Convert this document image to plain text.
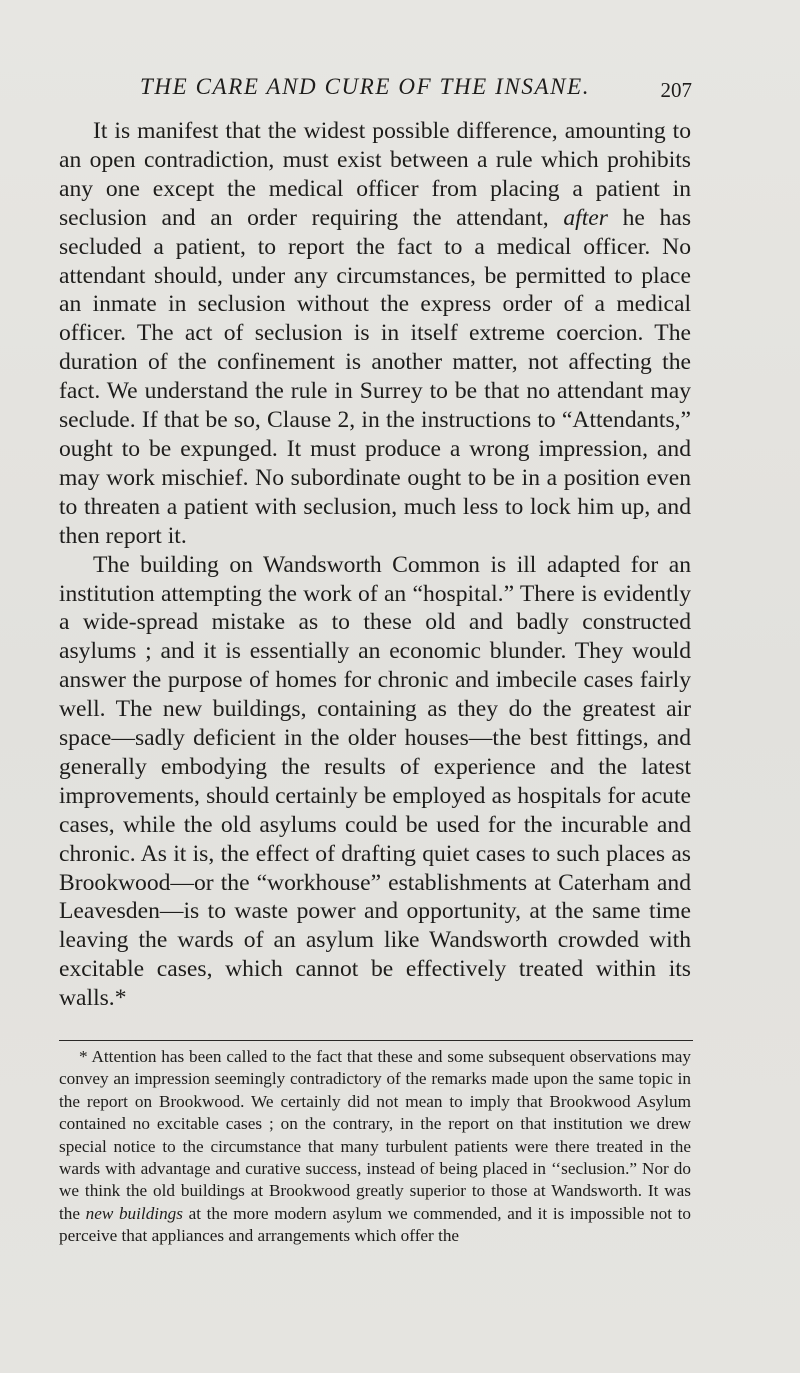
THE CARE AND CURE OF THE INSANE.	207

It is manifest that the widest possible difference, amounting to an open contradiction, must exist between a rule which prohibits any one except the medical officer from placing a patient in seclusion and an order requiring the attendant, after he has secluded a patient, to report the fact to a medical officer. No attendant should, under any circumstances, be permitted to place an inmate in seclusion without the express order of a medical officer. The act of seclusion is in itself extreme coercion. The duration of the confinement is another matter, not affecting the fact. We understand the rule in Surrey to be that no attendant may seclude. If that be so, Clause 2, in the instructions to “Attendants,” ought to be expunged. It must produce a wrong impression, and may work mischief. No subordinate ought to be in a position even to threaten a patient with seclusion, much less to lock him up, and then report it.

The building on Wandsworth Common is ill adapted for an institution attempting the work of an “hospital.” There is evidently a wide-spread mistake as to these old and badly constructed asylums ; and it is essentially an economic blunder. They would answer the purpose of homes for chronic and imbecile cases fairly well. The new buildings, containing as they do the greatest air space—sadly deficient in the older houses—the best fittings, and generally embodying the results of experience and the latest improvements, should certainly be employed as hospitals for acute cases, while the old asylums could be used for the incurable and chronic. As it is, the effect of drafting quiet cases to such places as Brookwood—or the “workhouse” establishments at Caterham and Leavesden—is to waste power and opportunity, at the same time leaving the wards of an asylum like Wandsworth crowded with excitable cases, which cannot be effectively treated within its walls.*

* Attention has been called to the fact that these and some subsequent observations may convey an impression seemingly contradictory of the remarks made upon the same topic in the report on Brookwood. We certainly did not mean to imply that Brookwood Asylum contained no excitable cases ; on the contrary, in the report on that institution we drew special notice to the circumstance that many turbulent patients were there treated in the wards with advantage and curative success, instead of being placed in ‘‘seclusion.” Nor do we think the old buildings at Brookwood greatly superior to those at Wandsworth. It was the new buildings at the more modern asylum we commended, and it is impossible not to perceive that appliances and arrangements which offer the
